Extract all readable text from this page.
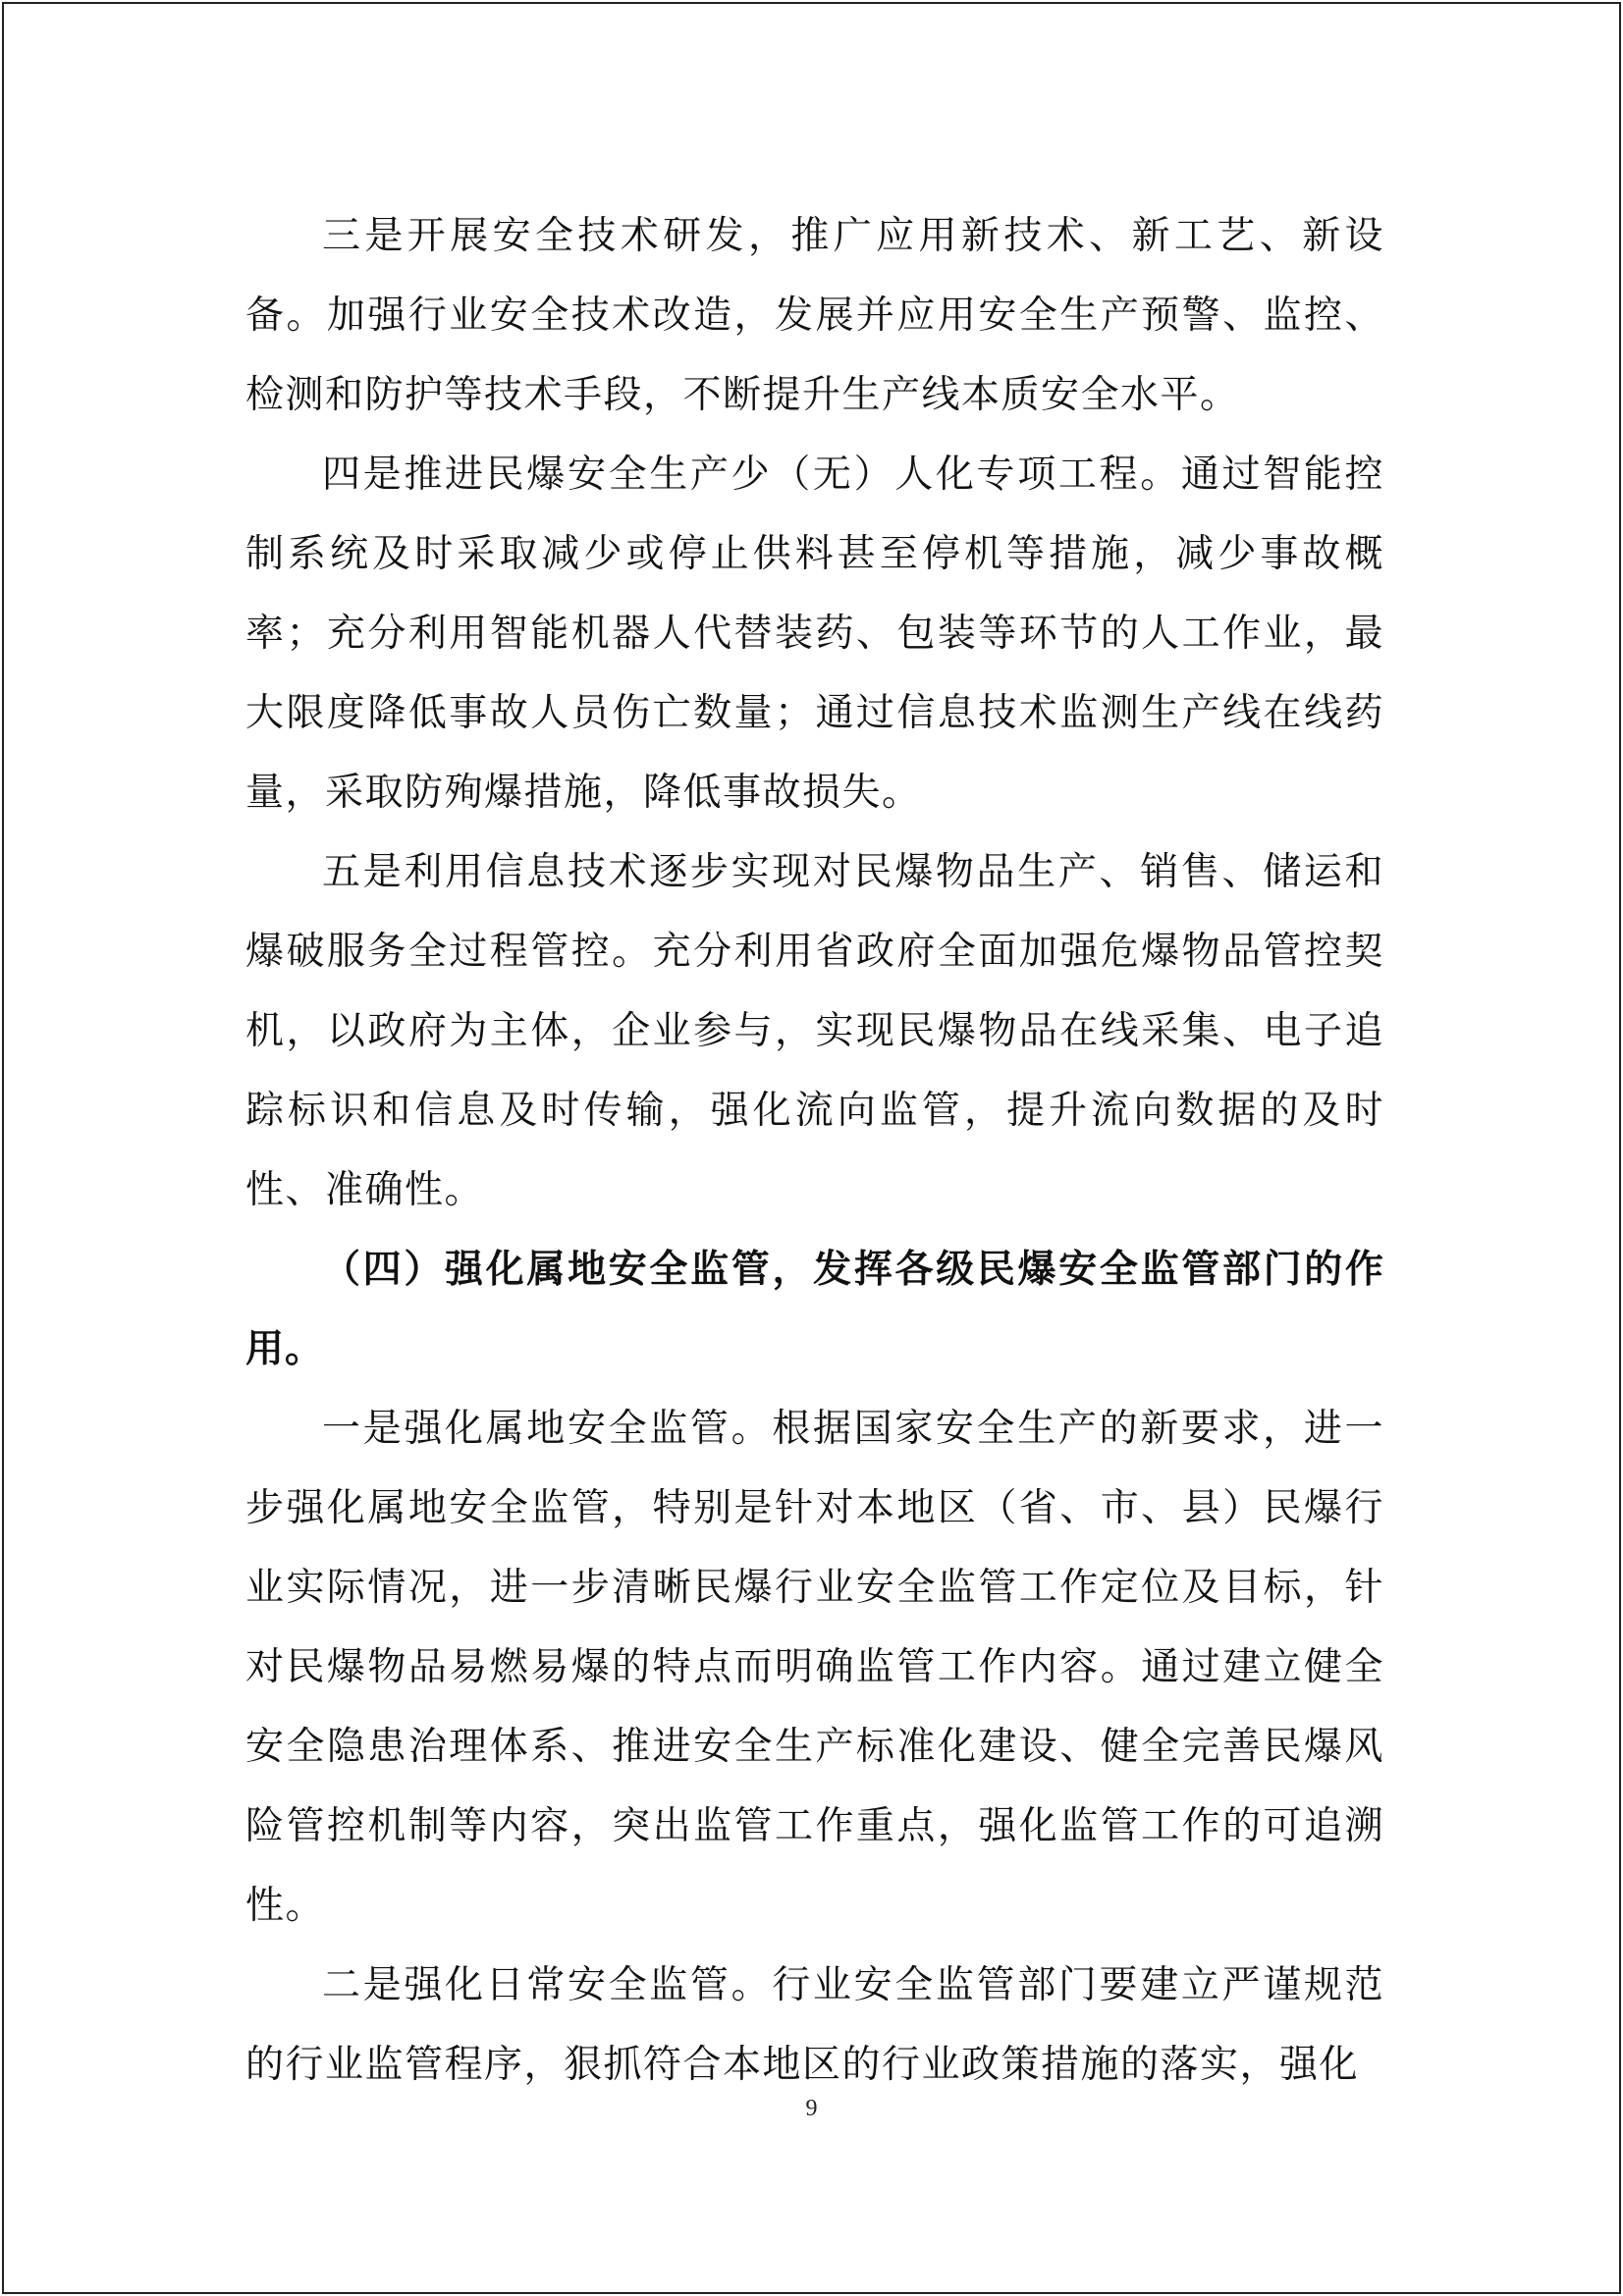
三是开展安全技术研发，推广应用新技术、新工艺、新设备。加强行业安全技术改造，发展并应用安全生产预警、监控、检测和防护等技术手段，不断提升生产线本质安全水平。

四是推进民爆安全生产少（无）人化专项工程。通过智能控制系统及时采取减少或停止供料甚至停机等措施，减少事故概率；充分利用智能机器人代替装药、包装等环节的人工作业，最大限度降低事故人员伤亡数量；通过信息技术监测生产线在线药量，采取防殉爆措施，降低事故损失。

五是利用信息技术逐步实现对民爆物品生产、销售、储运和爆破服务全过程管控。充分利用省政府全面加强危爆物品管控契机，以政府为主体，企业参与，实现民爆物品在线采集、电子追踪标识和信息及时传输，强化流向监管，提升流向数据的及时性、准确性。

（四）强化属地安全监管，发挥各级民爆安全监管部门的作用。

一是强化属地安全监管。根据国家安全生产的新要求，进一步强化属地安全监管，特别是针对本地区（省、市、县）民爆行业实际情况，进一步清晰民爆行业安全监管工作定位及目标，针对民爆物品易燃易爆的特点而明确监管工作内容。通过建立健全安全隐患治理体系、推进安全生产标准化建设、健全完善民爆风险管控机制等内容，突出监管工作重点，强化监管工作的可追溯性。

二是强化日常安全监管。行业安全监管部门要建立严谨规范的行业监管程序，狠抓符合本地区的行业政策措施的落实，强化

9
